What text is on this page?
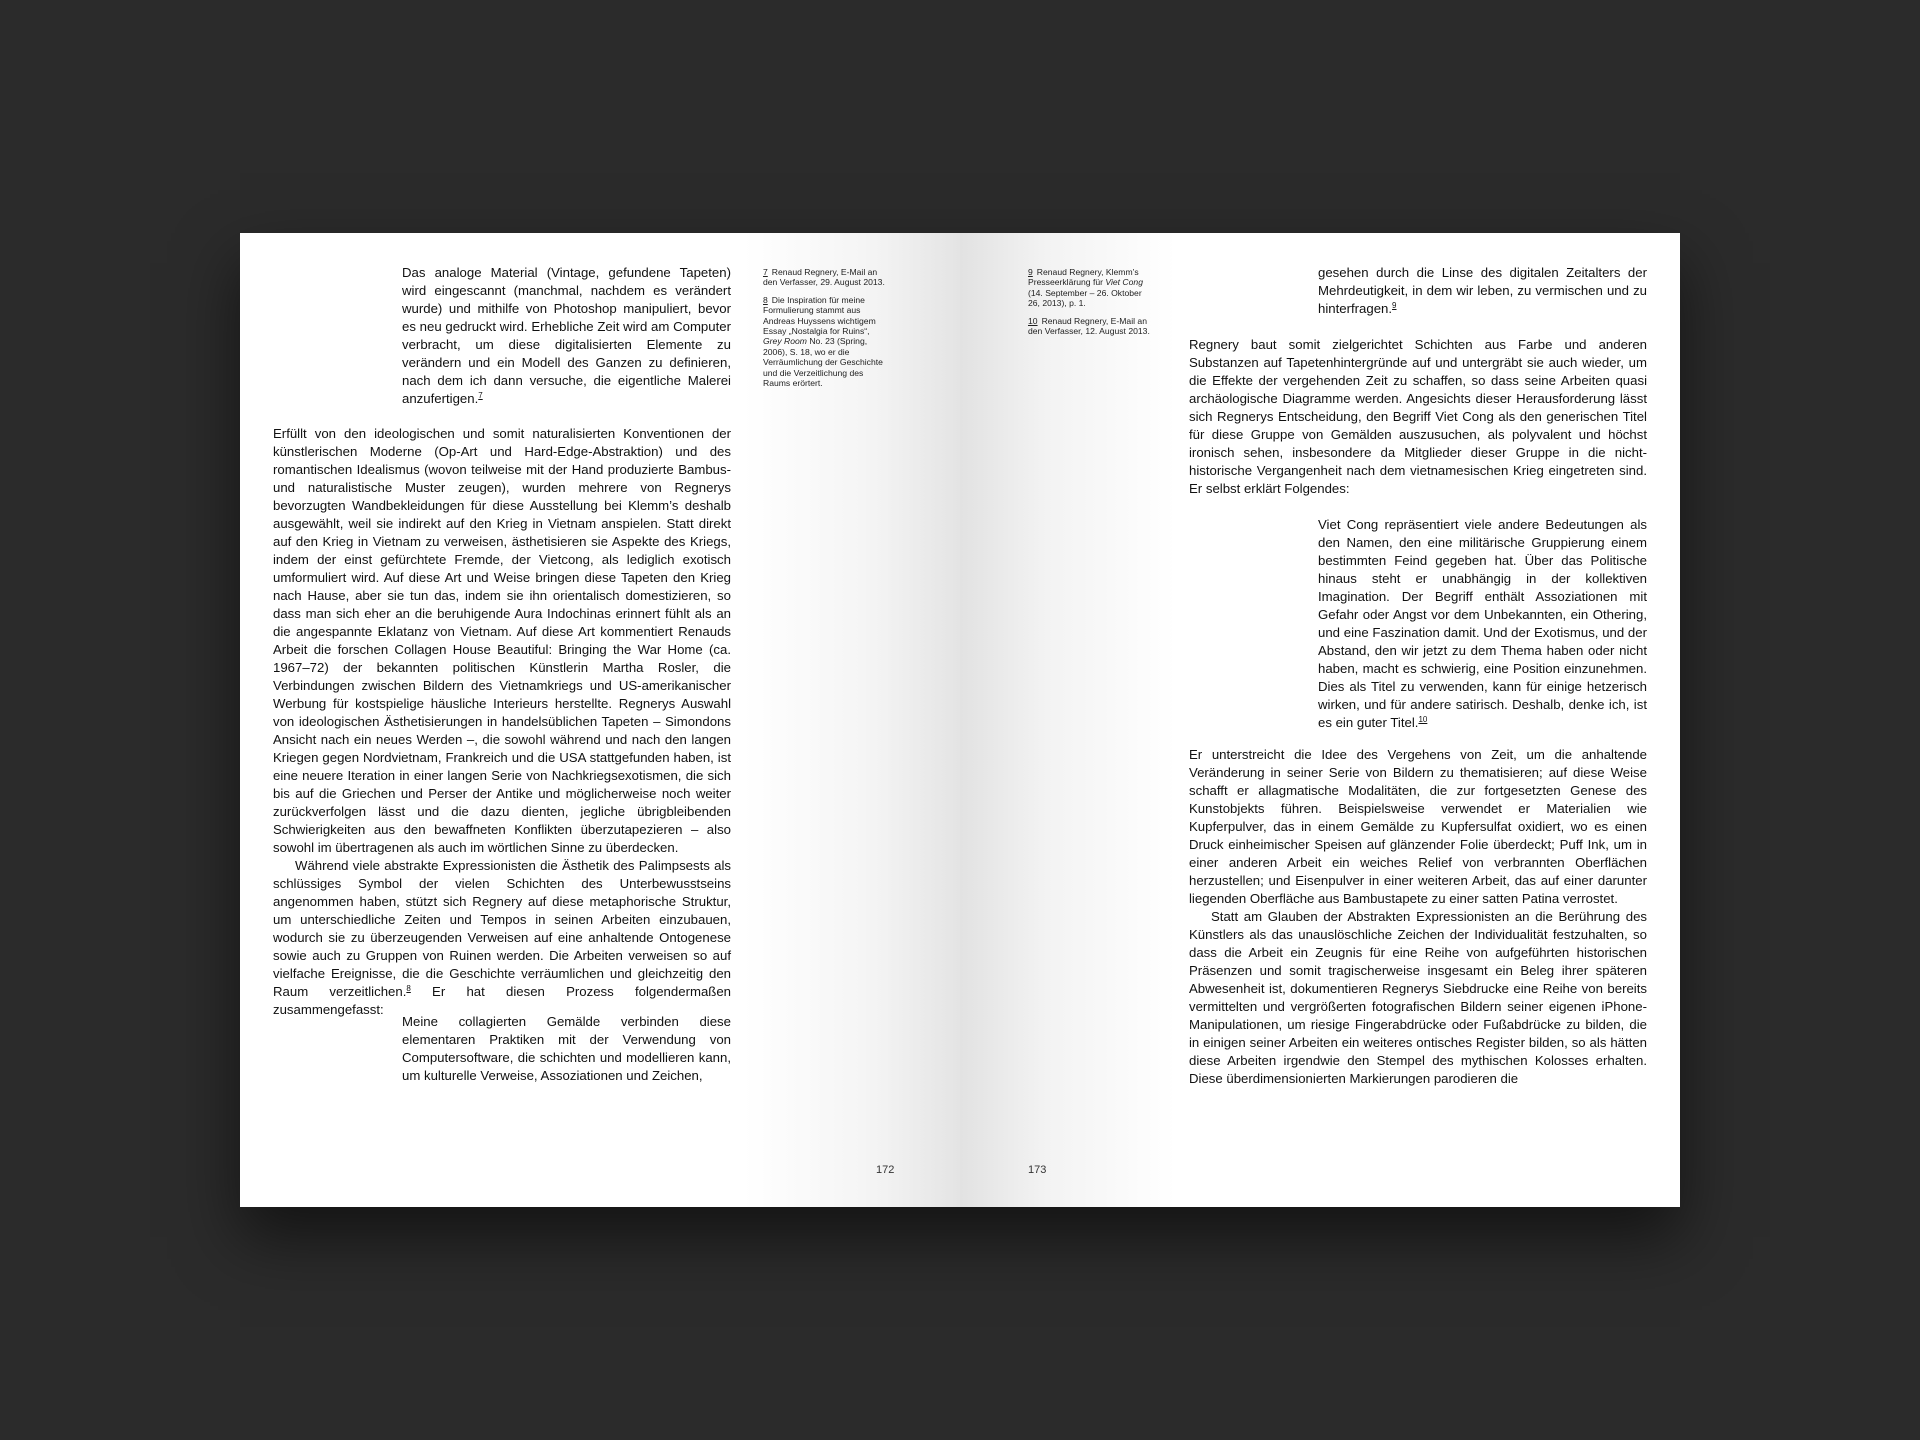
Das analoge Material (Vintage, gefundene Tapeten) wird eingescannt (manchmal, nachdem es verändert wurde) und mithilfe von Photoshop manipuliert, bevor es neu gedruckt wird. Erhebliche Zeit wird am Computer verbracht, um diese digitalisierten Elemente zu verändern und ein Modell des Ganzen zu definieren, nach dem ich dann versuche, die eigentliche Malerei anzufertigen.$^7$

Erfüllt von den ideologischen und somit naturalisierten Konventionen der künstlerischen Moderne (Op-Art und Hard-Edge-Abstraktion) und des romantischen Idealismus (wovon teilweise mit der Hand produzierte Bambus- und naturalistische Muster zeugen), wurden mehrere von Regnerys bevorzugten Wandbekleidungen für diese Ausstellung bei Klemm’s deshalb ausgewählt, weil sie indirekt auf den Krieg in Vietnam anspielen. Statt direkt auf den Krieg in Vietnam zu verweisen, ästhetisieren sie Aspekte des Kriegs, indem der einst gefürchtete Fremde, der Vietcong, als lediglich exotisch umformuliert wird. Auf diese Art und Weise bringen diese Tapeten den Krieg nach Hause, aber sie tun das, indem sie ihn orientalisch domestizieren, so dass man sich eher an die beruhigende Aura Indochinas erinnert fühlt als an die angespannte Eklatanz von Vietnam. Auf diese Art kommentiert Renauds Arbeit die forschen Collagen House Beautiful: Bringing the War Home (ca. 1967–72) der bekannten politischen Künstlerin Martha Rosler, die Verbindungen zwischen Bildern des Vietnamkriegs und US-amerikanischer Werbung für kostspielige häusliche Interieurs herstellte. Regnerys Auswahl von ideologischen Ästhetisierungen in handelsüblichen Tapeten – Simondons Ansicht nach ein neues Werden –, die sowohl während und nach den langen Kriegen gegen Nordvietnam, Frankreich und die USA stattgefunden haben, ist eine neuere Iteration in einer langen Serie von Nachkriegsexotismen, die sich bis auf die Griechen und Perser der Antike und möglicherweise noch weiter zurückverfolgen lässt und die dazu dienten, jegliche übrigbleibenden Schwierigkeiten aus den bewaffneten Konflikten überzutapezieren – also sowohl im übertragenen als auch im wörtlichen Sinne zu überdecken.

Während viele abstrakte Expressionisten die Ästhetik des Palimpsests als schlüssiges Symbol der vielen Schichten des Unterbewusstseins angenommen haben, stützt sich Regnery auf diese metaphorische Struktur, um unterschiedliche Zeiten und Tempos in seinen Arbeiten einzubauen, wodurch sie zu überzeugenden Verweisen auf eine anhaltende Ontogenese sowie auch zu Gruppen von Ruinen werden. Die Arbeiten verweisen so auf vielfache Ereignisse, die die Geschichte verräumlichen und gleichzeitig den Raum verzeitlichen.$^8$ Er hat diesen Prozess folgendermaßen zusammengefasst:

Meine collagierten Gemälde verbinden diese elementaren Praktiken mit der Verwendung von Computersoftware, die schichten und modellieren kann, um kulturelle Verweise, Assoziationen und Zeichen,

7 Renaud Regnery, E-Mail an den Verfasser, 29. August 2013.
8 Die Inspiration für meine Formulierung stammt aus Andreas Huyssens wichtigem Essay „Nostalgia for Ruins“, Grey Room No. 23 (Spring, 2006), S. 18, wo er die Verräumlichung der Geschichte und die Verzeitlichung des Raums erörtert.
172
9 Renaud Regnery, Klemm’s Presseerklärung für Viet Cong (14. September – 26. Oktober 26, 2013), p. 1.
10 Renaud Regnery, E-Mail an den Verfasser, 12. August 2013.

gesehen durch die Linse des digitalen Zeitalters der Mehrdeutigkeit, in dem wir leben, zu vermischen und zu hinterfragen.$^9$

Regnery baut somit zielgerichtet Schichten aus Farbe und anderen Substanzen auf Tapetenhintergründe auf und untergräbt sie auch wieder, um die Effekte der vergehenden Zeit zu schaffen, so dass seine Arbeiten quasi archäologische Diagramme werden. Angesichts dieser Herausforderung lässt sich Regnerys Entscheidung, den Begriff Viet Cong als den generischen Titel für diese Gruppe von Gemälden auszusuchen, als polyvalent und höchst ironisch sehen, insbesondere da Mitglieder dieser Gruppe in die nicht-historische Vergangenheit nach dem vietnamesischen Krieg eingetreten sind. Er selbst erklärt Folgendes:

Viet Cong repräsentiert viele andere Bedeutungen als den Namen, den eine militärische Gruppierung einem bestimmten Feind gegeben hat. Über das Politische hinaus steht er unabhängig in der kollektiven Imagination. Der Begriff enthält Assoziationen mit Gefahr oder Angst vor dem Unbekannten, ein Othering, und eine Faszination damit. Und der Exotismus, und der Abstand, den wir jetzt zu dem Thema haben oder nicht haben, macht es schwierig, eine Position einzunehmen. Dies als Titel zu verwenden, kann für einige hetzerisch wirken, und für andere satirisch. Deshalb, denke ich, ist es ein guter Titel.$^{10}$

Er unterstreicht die Idee des Vergehens von Zeit, um die anhaltende Veränderung in seiner Serie von Bildern zu thematisieren; auf diese Weise schafft er allagmatische Modalitäten, die zur fortgesetzten Genese des Kunstobjekts führen. Beispielsweise verwendet er Materialien wie Kupferpulver, das in einem Gemälde zu Kupfersulfat oxidiert, wo es einen Druck einheimischer Speisen auf glänzender Folie überdeckt; Puff Ink, um in einer anderen Arbeit ein weiches Relief von verbrannten Oberflächen herzustellen; und Eisenpulver in einer weiteren Arbeit, das auf einer darunter liegenden Oberfläche aus Bambustapete zu einer satten Patina verrostet.

Statt am Glauben der Abstrakten Expressionisten an die Berührung des Künstlers als das unauslöschliche Zeichen der Individualität festzuhalten, so dass die Arbeit ein Zeugnis für eine Reihe von aufgeführten historischen Präsenzen und somit tragischerweise insgesamt ein Beleg ihrer späteren Abwesenheit ist, dokumentieren Regnerys Siebdrucke eine Reihe von bereits vermittelten und vergrößerten fotografischen Bildern seiner eigenen iPhone-Manipulationen, um riesige Fingerabdrücke oder Fußabdrücke zu bilden, die in einigen seiner Arbeiten ein weiteres ontisches Register bilden, so als hätten diese Arbeiten irgendwie den Stempel des mythischen Kolosses erhalten. Diese überdimensionierten Markierungen parodieren die

173
